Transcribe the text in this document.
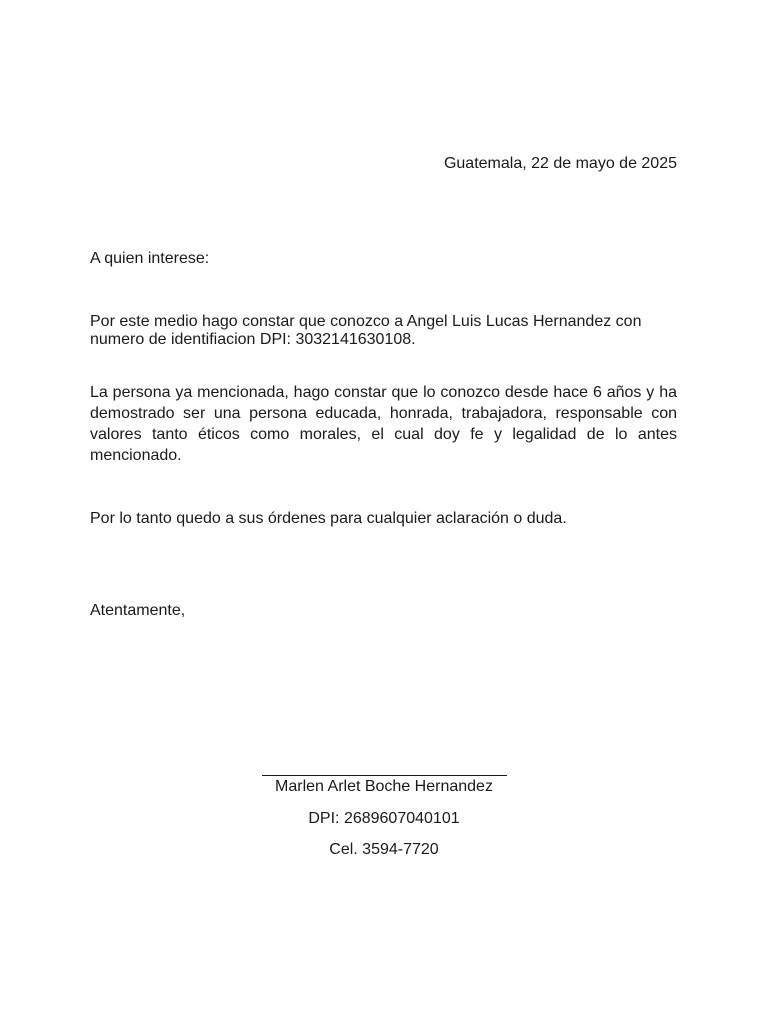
Guatemala, 22 de mayo de 2025
A quien interese:

Por este medio hago constar que conozco a Angel Luis Lucas Hernandez con numero de identifiacion DPI: 3032141630108.

La persona ya mencionada, hago constar que lo conozco desde hace 6 años y ha demostrado ser una persona educada, honrada, trabajadora, responsable con valores tanto éticos como morales, el cual doy fe y legalidad de lo antes mencionado.

Por lo tanto quedo a sus órdenes para cualquier aclaración o duda.

Atentamente,
Marlen Arlet Boche Hernandez
DPI: 2689607040101
Cel. 3594-7720
